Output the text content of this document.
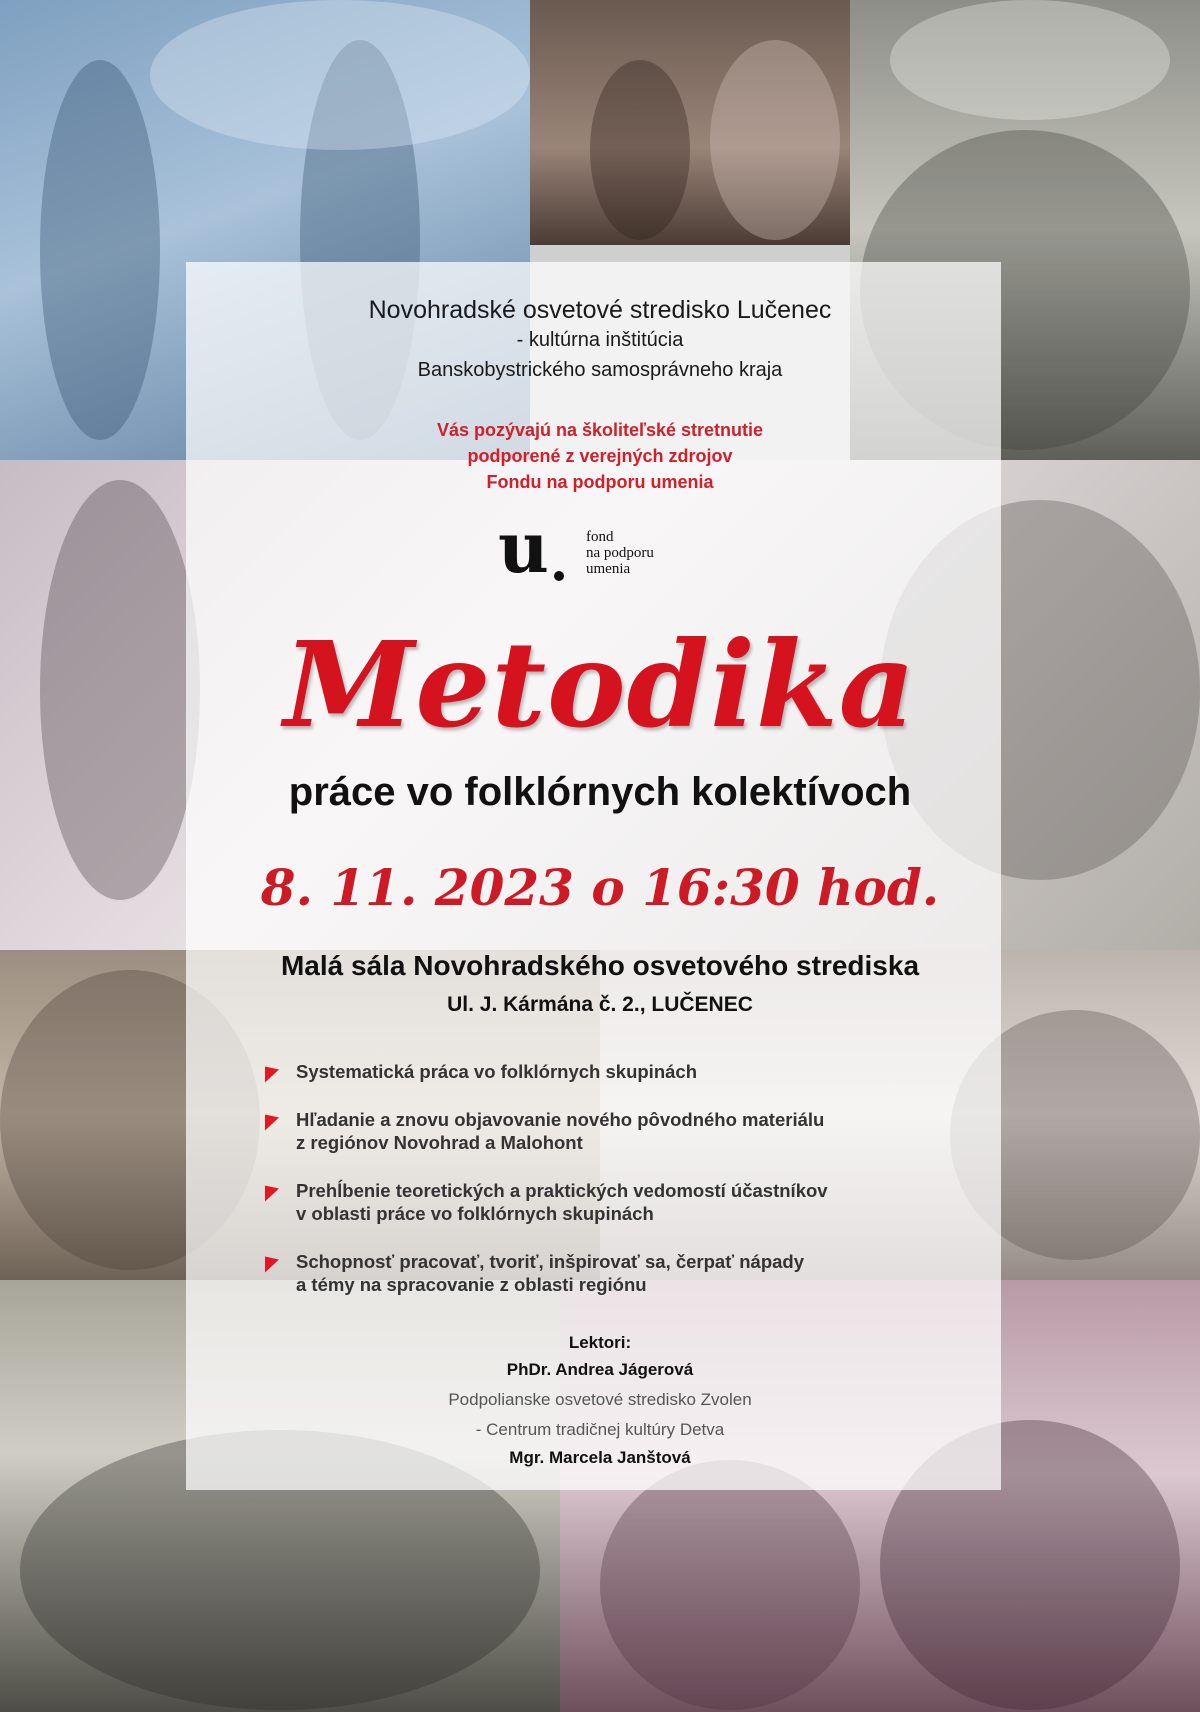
Novohradské osvetové stredisko Lučenec
- kultúrna inštitúcia
Banskobystrického samosprávneho kraja
Vás pozývajú na školiteľské stretnutie
podporené z verejných zdrojov
Fondu na podporu umenia
u fond
na podporu
umenia
Metodika
práce vo folklórnych kolektívoch
8. 11. 2023 o 16:30 hod.
Malá sála Novohradského osvetového strediska
Ul. J. Kármána č. 2., LUČENEC
Systematická práca vo folklórnych skupinách
Hľadanie a znovu objavovanie nového pôvodného materiálu
z regiónov Novohrad a Malohont
Prehĺbenie teoretických a praktických vedomostí účastníkov
v oblasti práce vo folklórnych skupinách
Schopnosť pracovať, tvoriť, inšpirovať sa, čerpať nápady
a témy na spracovanie z oblasti regiónu
Lektori:
PhDr. Andrea Jágerová
Podpolianske osvetové stredisko Zvolen
- Centrum tradičnej kultúry Detva
Mgr. Marcela Janštová
